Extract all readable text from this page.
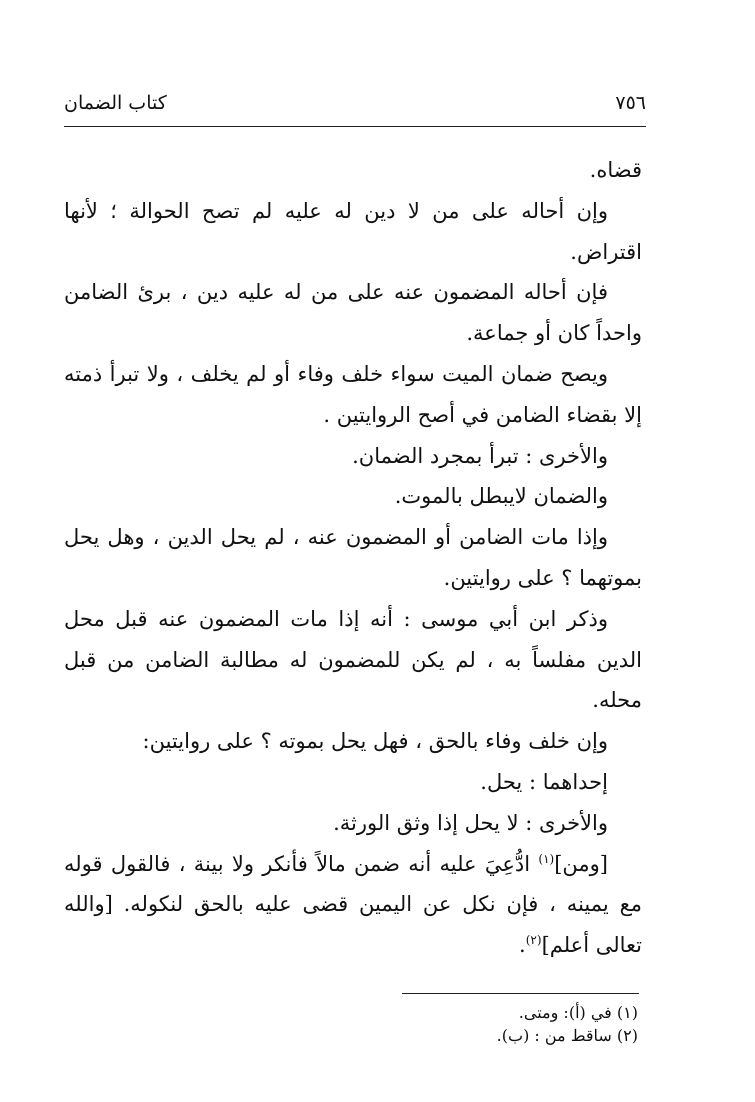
٧٥٦
كتاب الضمان

قضاه.

وإن أحاله على من لا دين له عليه لم تصح الحوالة ؛ لأنها اقتراض.

فإن أحاله المضمون عنه على من له عليه دين ، برئ الضامن واحداً كان أو جماعة.

ويصح ضمان الميت سواء خلف وفاء أو لم يخلف ، ولا تبرأ ذمته إلا بقضاء الضامن في أصح الروايتين .

والأخرى : تبرأ بمجرد الضمان.

والضمان لايبطل بالموت.

وإذا مات الضامن أو المضمون عنه ، لم يحل الدين ، وهل يحل بموتهما ؟ على روايتين.

وذكر ابن أبي موسى : أنه إذا مات المضمون عنه قبل محل الدين مفلساً به ، لم يكن للمضمون له مطالبة الضامن من قبل محله.

وإن خلف وفاء بالحق ، فهل يحل بموته ؟ على روايتين:

إحداهما : يحل.

والأخرى : لا يحل إذا وثق الورثة.

[ومن]$^{(١)}$ ادُّعِيَ عليه أنه ضمن مالاً فأنكر ولا بينة ، فالقول قوله مع يمينه ، فإن نكل عن اليمين قضى عليه بالحق لنكوله. [والله تعالى أعلم]$^{(٢)}$.

(١) في (أ): ومتى.
(٢) ساقط من : (ب).
